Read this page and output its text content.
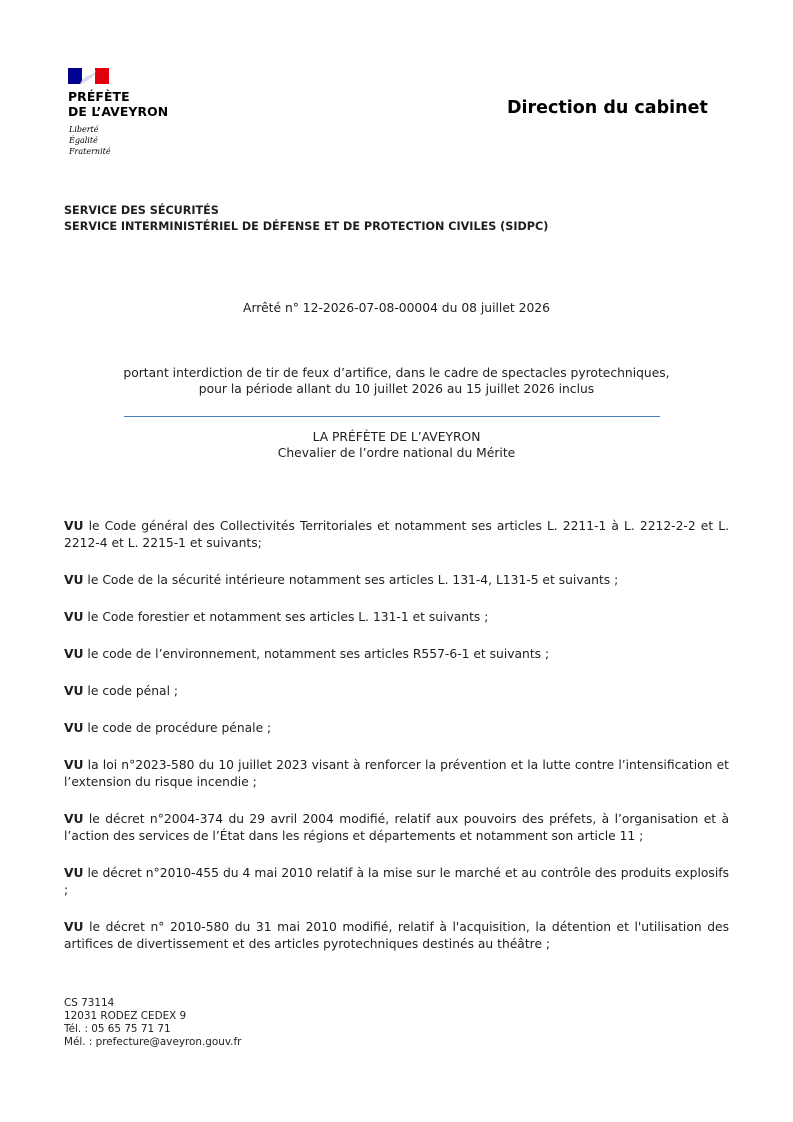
PRÉFÈTE
DE L’AVEYRON
Liberté
Égalité
Fraternité
Direction du cabinet
SERVICE DES SÉCURITÉS
SERVICE INTERMINISTÉRIEL DE DÉFENSE ET DE PROTECTION CIVILES (SIDPC)
Arrêté n° 12-2026-07-08-00004 du 08 juillet 2026
portant interdiction de tir de feux d’artifice, dans le cadre de spectacles pyrotechniques,
pour la période allant du 10 juillet 2026 au 15 juillet 2026 inclus
LA PRÉFÈTE DE L’AVEYRON
Chevalier de l’ordre national du Mérite

VU le Code général des Collectivités Territoriales et notamment ses articles L. 2211-1 à L. 2212-2-2 et L. 2212-4 et L. 2215-1 et suivants;

VU le Code de la sécurité intérieure notamment ses articles L. 131-4, L131-5 et suivants ;

VU le Code forestier et notamment ses articles L. 131-1 et suivants ;

VU le code de l’environnement, notamment ses articles R557-6-1 et suivants ;

VU le code pénal ;

VU le code de procédure pénale ;

VU la loi n°2023-580 du 10 juillet 2023 visant à renforcer la prévention et la lutte contre l’intensification et l’extension du risque incendie ;

VU le décret n°2004-374 du 29 avril 2004 modifié, relatif aux pouvoirs des préfets, à l’organisation et à l’action des services de l’État dans les régions et départements et notamment son article 11 ;

VU le décret n°2010-455 du 4 mai 2010 relatif à la mise sur le marché et au contrôle des produits explosifs ;

VU le décret n° 2010-580 du 31 mai 2010 modifié, relatif à l'acquisition, la détention et l'utilisation des artifices de divertissement et des articles pyrotechniques destinés au théâtre ;

CS 73114
12031 RODEZ CEDEX 9
Tél. : 05 65 75 71 71
Mél. : prefecture@aveyron.gouv.fr
